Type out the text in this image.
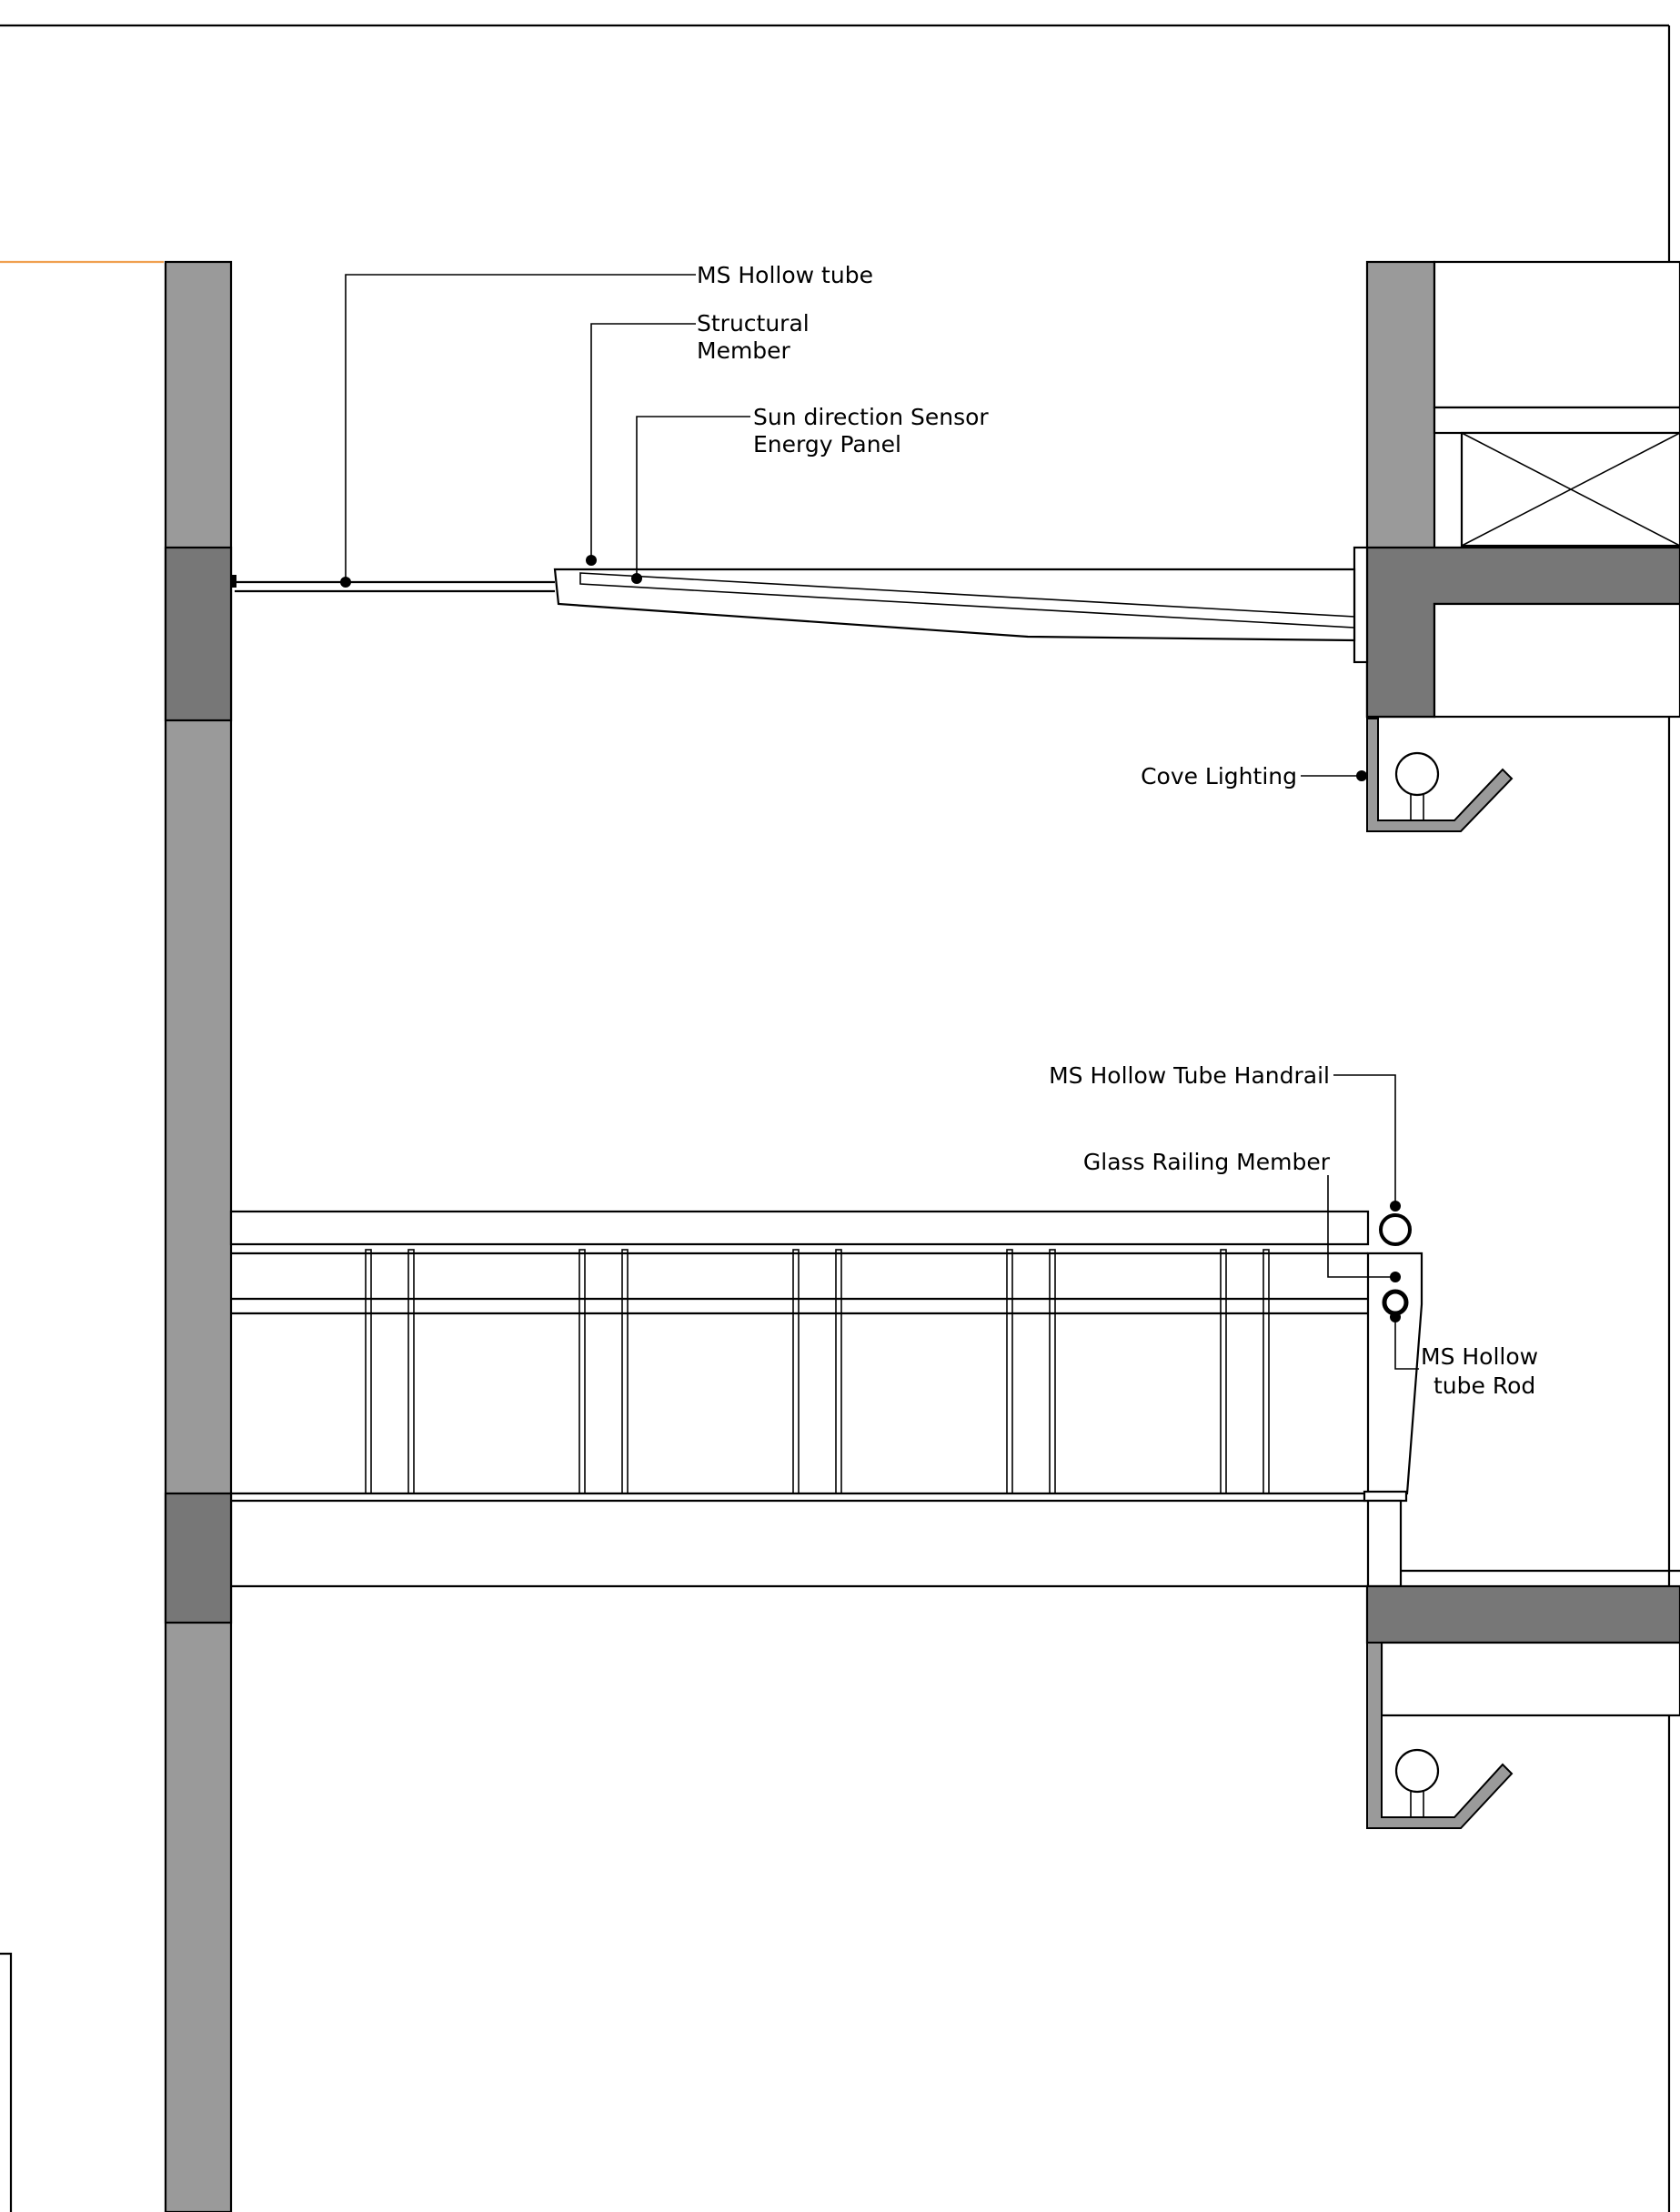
MS Hollow tube
Structural
Member
Sun direction Sensor
Energy Panel
Cove Lighting
MS Hollow Tube Handrail
Glass Railing Member
MS Hollow
tube Rod
